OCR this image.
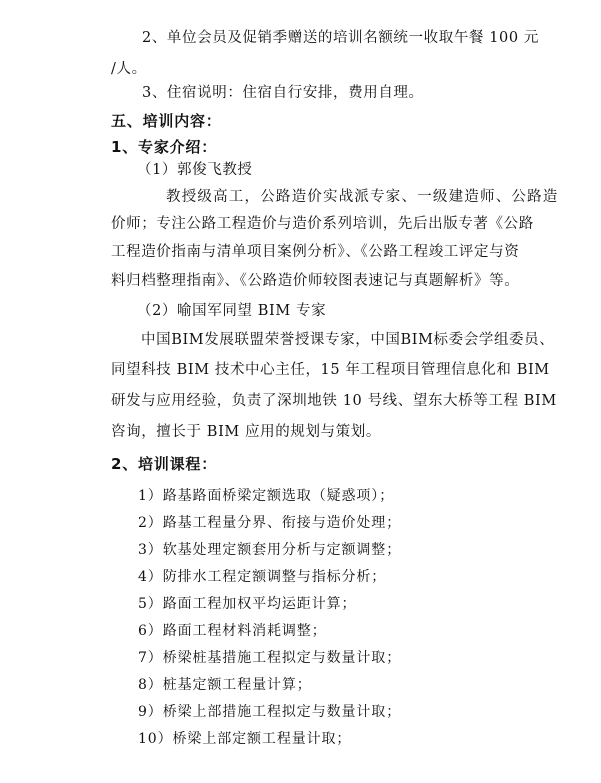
2、单位会员及促销季赠送的培训名额统一收取午餐 100 元
/人。
3、住宿说明：住宿自行安排，费用自理。
五、培训内容：
1、专家介绍：
（1）郭俊飞教授
教授级高工，公路造价实战派专家、一级建造师、公路造
价师；专注公路工程造价与造价系列培训，先后出版专著《公路
工程造价指南与清单项目案例分析》、《公路工程竣工评定与资
料归档整理指南》、《公路造价师较图表速记与真题解析》等。
（2）喻国军同望 BIM 专家
中国BIM发展联盟荣誉授课专家，中国BIM标委会学组委员、
同望科技 BIM 技术中心主任，15 年工程项目管理信息化和 BIM
研发与应用经验，负责了深圳地铁 10 号线、望东大桥等工程 BIM
咨询，擅长于 BIM 应用的规划与策划。
2、培训课程：
1）路基路面桥梁定额选取（疑惑项）；
2）路基工程量分界、衔接与造价处理；
3）软基处理定额套用分析与定额调整；
4）防排水工程定额调整与指标分析；
5）路面工程加权平均运距计算；
6）路面工程材料消耗调整；
7）桥梁桩基措施工程拟定与数量计取；
8）桩基定额工程量计算；
9）桥梁上部措施工程拟定与数量计取；
10）桥梁上部定额工程量计取；
